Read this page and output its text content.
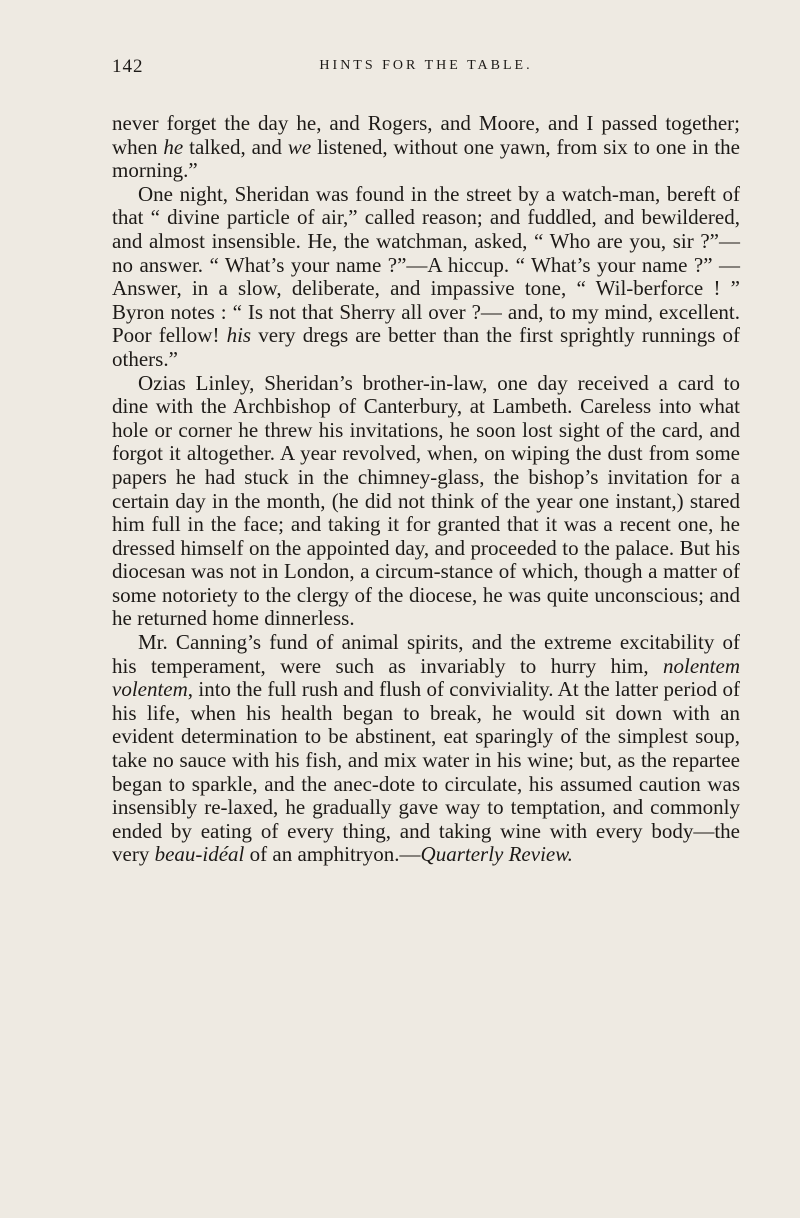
142	HINTS FOR THE TABLE.

never forget the day he, and Rogers, and Moore, and I passed together; when he talked, and we listened, without one yawn, from six to one in the morning.”

One night, Sheridan was found in the street by a watch-man, bereft of that “ divine particle of air,” called reason; and fuddled, and bewildered, and almost insensible. He, the watchman, asked, “ Who are you, sir ?”—no answer. “ What’s your name ?”—A hiccup. “ What’s your name ?” —Answer, in a slow, deliberate, and impassive tone, “ Wil-berforce ! ” Byron notes : “ Is not that Sherry all over ?— and, to my mind, excellent. Poor fellow! his very dregs are better than the first sprightly runnings of others.”

Ozias Linley, Sheridan’s brother-in-law, one day received a card to dine with the Archbishop of Canterbury, at Lambeth. Careless into what hole or corner he threw his invitations, he soon lost sight of the card, and forgot it altogether. A year revolved, when, on wiping the dust from some papers he had stuck in the chimney-glass, the bishop’s invitation for a certain day in the month, (he did not think of the year one instant,) stared him full in the face; and taking it for granted that it was a recent one, he dressed himself on the appointed day, and proceeded to the palace. But his diocesan was not in London, a circum-stance of which, though a matter of some notoriety to the clergy of the diocese, he was quite unconscious; and he returned home dinnerless.

Mr. Canning’s fund of animal spirits, and the extreme excitability of his temperament, were such as invariably to hurry him, nolentem volentem, into the full rush and flush of conviviality. At the latter period of his life, when his health began to break, he would sit down with an evident determination to be abstinent, eat sparingly of the simplest soup, take no sauce with his fish, and mix water in his wine; but, as the repartee began to sparkle, and the anec-dote to circulate, his assumed caution was insensibly re-laxed, he gradually gave way to temptation, and commonly ended by eating of every thing, and taking wine with every body—the very beau-idéal of an amphitryon.—Quarterly Review.
